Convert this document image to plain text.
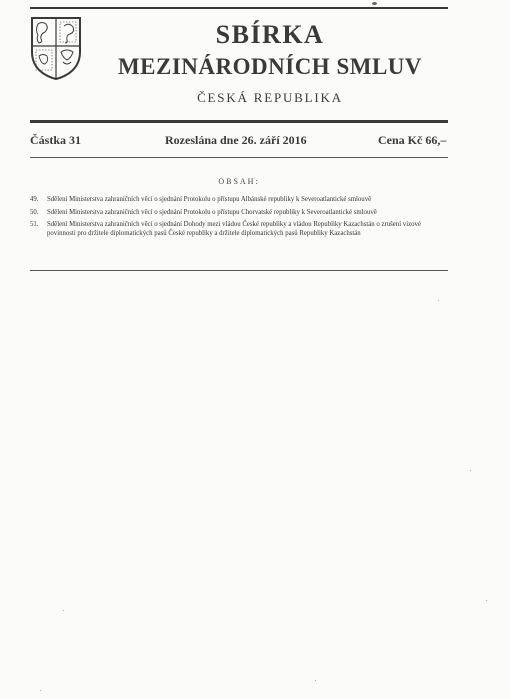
SBÍRKA
MEZINÁRODNÍCH SMLUV
ČESKÁ REPUBLIKA
Částka 31	Rozeslána dne 26. září 2016	Cena Kč 66,–
OBSAH:
49.	Sdělení Ministerstva zahraničních věcí o sjednání Protokolu o přístupu Albánské republiky k Severoatlantické smlouvě
50.	Sdělení Ministerstva zahraničních věcí o sjednání Protokolu o přístupu Chorvatské republiky k Severoatlantické smlouvě
51.	Sdělení Ministerstva zahraničních věcí o sjednání Dohody mezi vládou České republiky a vládou Republiky Kazachstán o zrušení vízové povinnosti pro držitele diplomatických pasů České republiky a držitele diplomatických pasů Republiky Kazachstán
